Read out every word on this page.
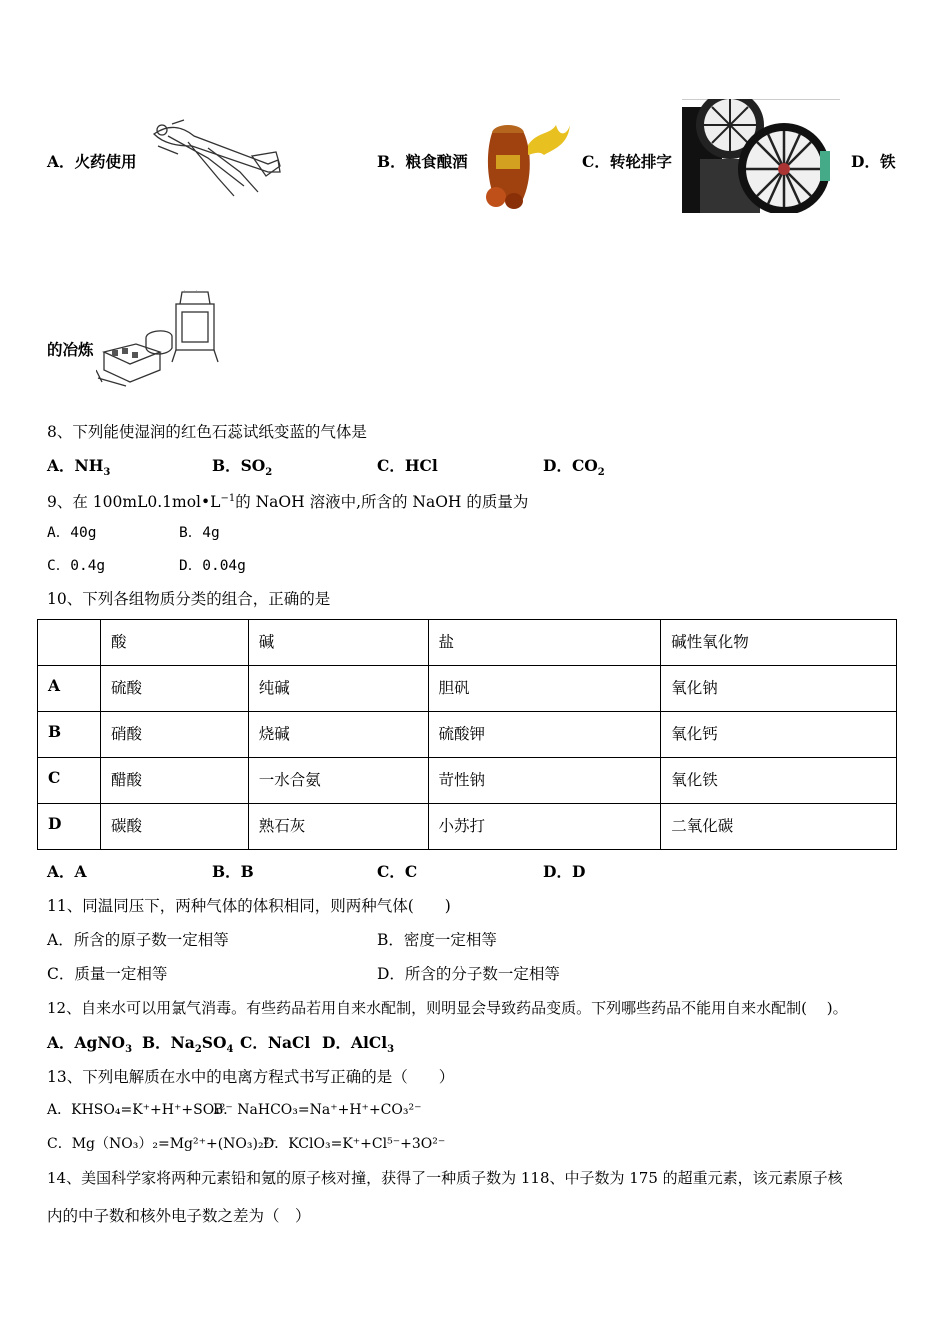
A．火药使用	B．粮食酿酒	C．转轮排字	D．铁
的冶炼
8、下列能使湿润的红色石蕊试纸变蓝的气体是
A．$NH_3$	B．$SO_2$	C．HCl	D．$CO_2$
9、在 $100mL0.1mol•L^{-1}$的 NaOH 溶液中,所含的 NaOH 的质量为
A．40g	B．4g
C．0.4g	D．0.04g
10、下列各组物质分类的组合，正确的是
	酸	碱	盐	碱性氧化物
A	硫酸	纯碱	胆矾	氧化钠
B	硝酸	烧碱	硫酸钾	氧化钙
C	醋酸	一水合氨	苛性钠	氧化铁
D	碳酸	熟石灰	小苏打	二氧化碳
A．A	B．B	C．C	D．D
11、同温同压下，两种气体的体积相同，则两种气体(　　)
A．所含的原子数一定相等	B．密度一定相等
C．质量一定相等	D．所含的分子数一定相等
12、自来水可以用氯气消毒。有些药品若用自来水配制，则明显会导致药品变质。下列哪些药品不能用自来水配制(　 )。
A．AgNO$_3$ B．$Na_2SO_4$ C．NaCl D．AlCl$_3$
13、下列电解质在水中的电离方程式书写正确的是（　　）
A．KHSO₄=K⁺+H⁺+SO₄²⁻
B．NaHCO₃=Na⁺+H⁺+CO₃²⁻
C．Mg（NO₃）₂=Mg²⁺+(NO₃)₂²⁻
D．KClO₃=K⁺+Cl⁵⁻+3O²⁻
14、美国科学家将两种元素铅和氪的原子核对撞，获得了一种质子数为 118、中子数为 175 的超重元素，该元素原子核
内的中子数和核外电子数之差为（　）
